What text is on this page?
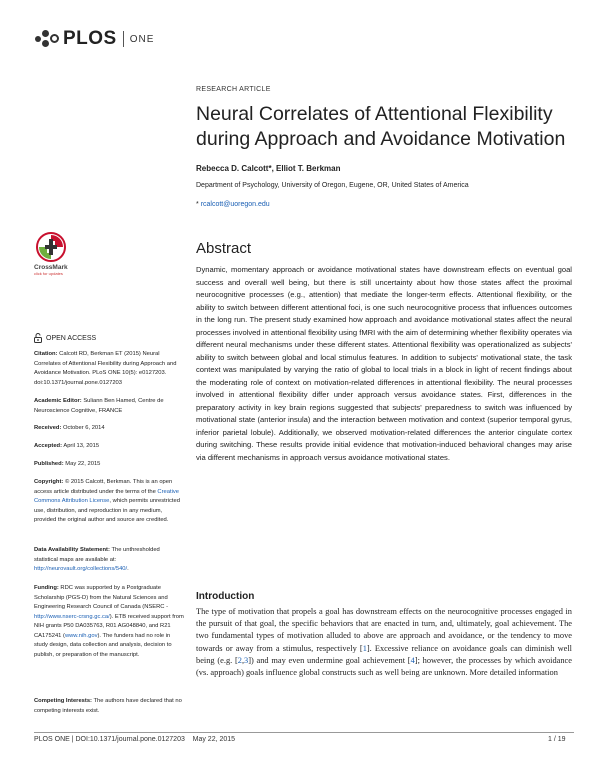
PLOS ONE
RESEARCH ARTICLE
Neural Correlates of Attentional Flexibility during Approach and Avoidance Motivation
Rebecca D. Calcott*, Elliot T. Berkman
Department of Psychology, University of Oregon, Eugene, OR, United States of America
* rcalcott@uoregon.edu
CrossMark
click for updates
OPEN ACCESS
Citation: Calcott RD, Berkman ET (2015) Neural Correlates of Attentional Flexibility during Approach and Avoidance Motivation. PLoS ONE 10(5): e0127203. doi:10.1371/journal.pone.0127203
Academic Editor: Suliann Ben Hamed, Centre de Neuroscience Cognitive, FRANCE
Received: October 6, 2014
Accepted: April 13, 2015
Published: May 22, 2015
Copyright: © 2015 Calcott, Berkman. This is an open access article distributed under the terms of the Creative Commons Attribution License, which permits unrestricted use, distribution, and reproduction in any medium, provided the original author and source are credited.
Data Availability Statement: The unthresholded statistical maps are available at: http://neurovault.org/collections/540/.
Funding: RDC was supported by a Postgraduate Scholarship (PGS-D) from the Natural Sciences and Engineering Research Council of Canada (NSERC - http://www.nserc-crsng.gc.ca/). ETB received support from NIH grants P50 DA035763, R01 AG048840, and R21 CA175241 (www.nih.gov). The funders had no role in study design, data collection and analysis, decision to publish, or preparation of the manuscript.
Competing Interests: The authors have declared that no competing interests exist.
Abstract
Dynamic, momentary approach or avoidance motivational states have downstream effects on eventual goal success and overall well being, but there is still uncertainty about how those states affect the proximal neurocognitive processes (e.g., attention) that mediate the longer-term effects. Attentional flexibility, or the ability to switch between different attentional foci, is one such neurocognitive process that influences outcomes in the long run. The present study examined how approach and avoidance motivational states affect the neural processes involved in attentional flexibility using fMRI with the aim of determining whether flexibility operates via different neural mechanisms under these different states. Attentional flexibility was operationalized as subjects' ability to switch between global and local stimulus features. In addition to subjects' motivational state, the task context was manipulated by varying the ratio of global to local trials in a block in light of recent findings about the moderating role of context on motivation-related differences in attentional flexibility. The neural processes involved in attentional flexibility differ under approach versus avoidance states. First, differences in the preparatory activity in key brain regions suggested that subjects' preparedness to switch was influenced by motivational state (anterior insula) and the interaction between motivation and context (superior temporal gyrus, inferior parietal lobule). Additionally, we observed motivation-related differences the anterior cingulate cortex during switching. These results provide initial evidence that motivation-induced behavioral changes may arise via different mechanisms in approach versus avoidance motivational states.
Introduction
The type of motivation that propels a goal has downstream effects on the neurocognitive processes engaged in the pursuit of that goal, the specific behaviors that are enacted in turn, and, ultimately, goal achievement. The two fundamental types of motivation alluded to above are approach and avoidance, or the tendency to move towards or away from a stimulus, respectively [1]. Excessive reliance on avoidance goals can diminish well being (e.g. [2,3]) and may even undermine goal achievement [4]; however, the processes by which avoidance (vs. approach) goals influence global constructs such as well being are unknown. More detailed information
PLOS ONE | DOI:10.1371/journal.pone.0127203    May 22, 2015	1 / 19
